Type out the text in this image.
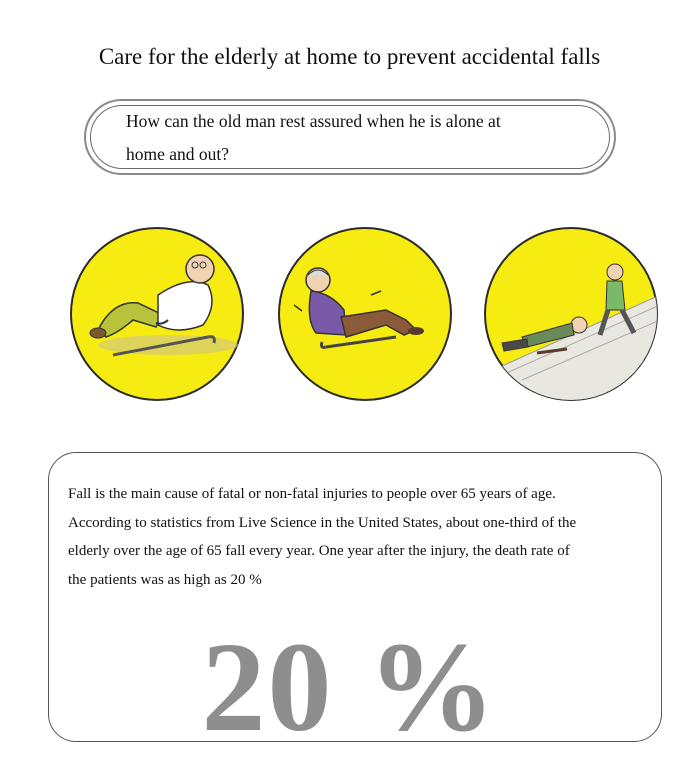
Care for the elderly at home to prevent accidental falls
How can the old man rest assured when he is alone at
home and out?

Fall is the main cause of fatal or non-fatal injuries to people over 65 years of age.

According to statistics from Live Science in the United States, about one-third of the

elderly over the age of 65 fall every year. One year after the injury, the death rate of

the patients was as high as 20 %

20 %
